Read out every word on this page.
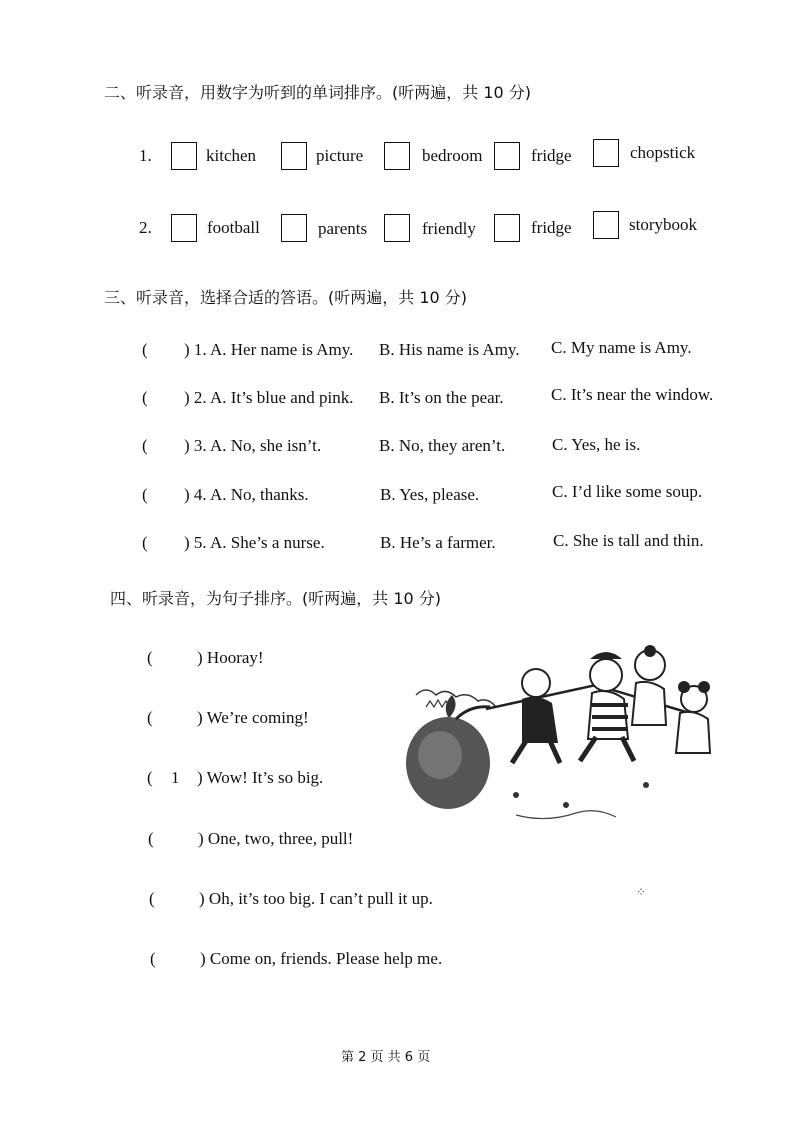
二、听录音，用数字为听到的单词排序。(听两遍，共 10 分)
1.	kitchen	picture	bedroom	fridge	chopstick
2.	football	parents	friendly	fridge	storybook
三、听录音，选择合适的答语。(听两遍，共 10 分)
( ) 1. A. Her name is Amy. B. His name is Amy. C. My name is Amy.
( ) 2. A. It’s blue and pink. B. It’s on the pear.	C. It’s near the window.
( ) 3. A. No, she isn’t.	B. No, they aren’t.	C. Yes, he is.
( ) 4. A. No, thanks.	B. Yes, please.	C. I’d like some soup.
( ) 5. A. She’s a nurse.	B. He’s a farmer.	C. She is tall and thin.
四、听录音，为句子排序。(听两遍，共 10 分)
(	) Hooray!
(	) We’re coming!
( 1 ) Wow! It’s so big.
(	) One, two, three, pull!
(	) Oh, it’s too big. I can’t pull it up.
(	) Come on, friends. Please help me.
⁘
第 2 页 共 6 页
